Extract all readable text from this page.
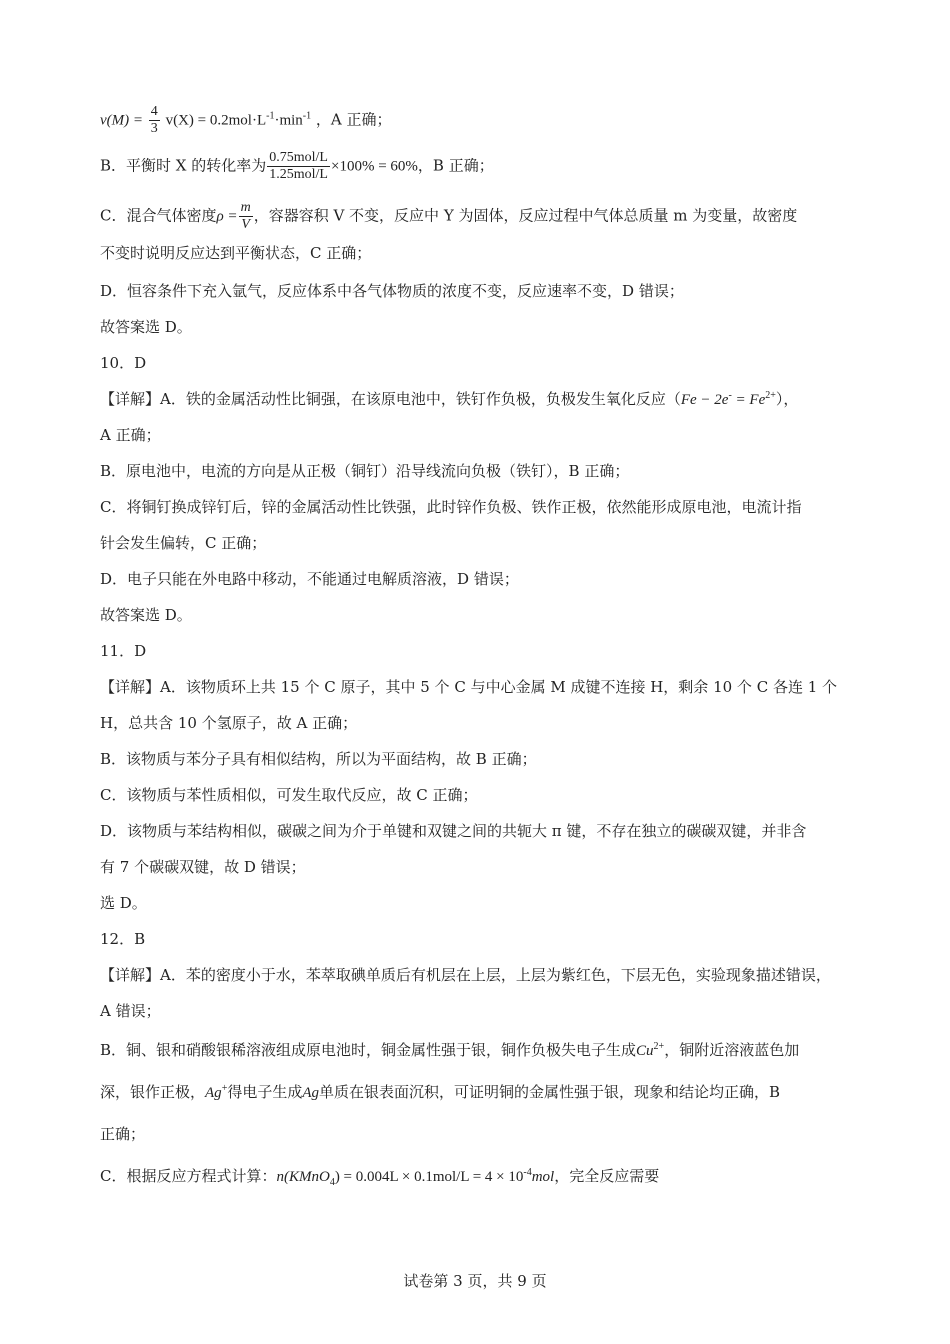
$v(M) = \frac{4}{3} v(X) = 0.2mol\cdot L^{-1}\cdot\min^{-1}$ ，A 正确；
B．平衡时 X 的转化率为 $\frac{\text{0.75mol/L}}{\text{1.25mol/L}} \times 100\% = 60\%$，B 正确；
C．混合气体密度$\rho = \frac{m}{V}$ ，容器容积 V 不变，反应中 Y 为固体，反应过程中气体总质量 m 为变量，故密度
不变时说明反应达到平衡状态，C 正确；
D．恒容条件下充入氩气，反应体系中各气体物质的浓度不变，反应速率不变，D 错误；
故答案选 D。
10．D
【详解】A．铁的金属活动性比铜强，在该原电池中，铁钉作负极，负极发生氧化反应$(Fe - 2e^- = Fe^{2+})$，
A 正确；
B．原电池中，电流的方向是从正极（铜钉）沿导线流向负极（铁钉），B 正确；
C．将铜钉换成锌钉后，锌的金属活动性比铁强，此时锌作负极、铁作正极，依然能形成原电池，电流计指
针会发生偏转，C 正确；
D．电子只能在外电路中移动，不能通过电解质溶液，D 错误；
故答案选 D。
11．D
【详解】A．该物质环上共 15 个 C 原子，其中 5 个 C 与中心金属 M 成键不连接 H，剩余 10 个 C 各连 1 个
H，总共含 10 个氢原子，故 A 正确；
B．该物质与苯分子具有相似结构，所以为平面结构，故 B 正确；
C．该物质与苯性质相似，可发生取代反应，故 C 正确；
D．该物质与苯结构相似，碳碳之间为介于单键和双键之间的共轭大 π 键，不存在独立的碳碳双键，并非含
有 7 个碳碳双键，故 D 错误；
选 D。
12．B
【详解】A．苯的密度小于水，苯萃取碘单质后有机层在上层，上层为紫红色，下层无色，实验现象描述错误，
A 错误；
B．铜、银和硝酸银稀溶液组成原电池时，铜金属性强于银，铜作负极失电子生成$Cu^{2+}$，铜附近溶液蓝色加
深，银作正极，Ag+得电子生成Ag单质在银表面沉积，可证明铜的金属性强于银，现象和结论均正确，B
正确；
C．根据反应方程式计算：n(KMnO$_4$) = $0.004L \times 0.1mol/L = 4 \times 10^{-4}mol$，完全反应需要
试卷第 3 页，共 9 页
